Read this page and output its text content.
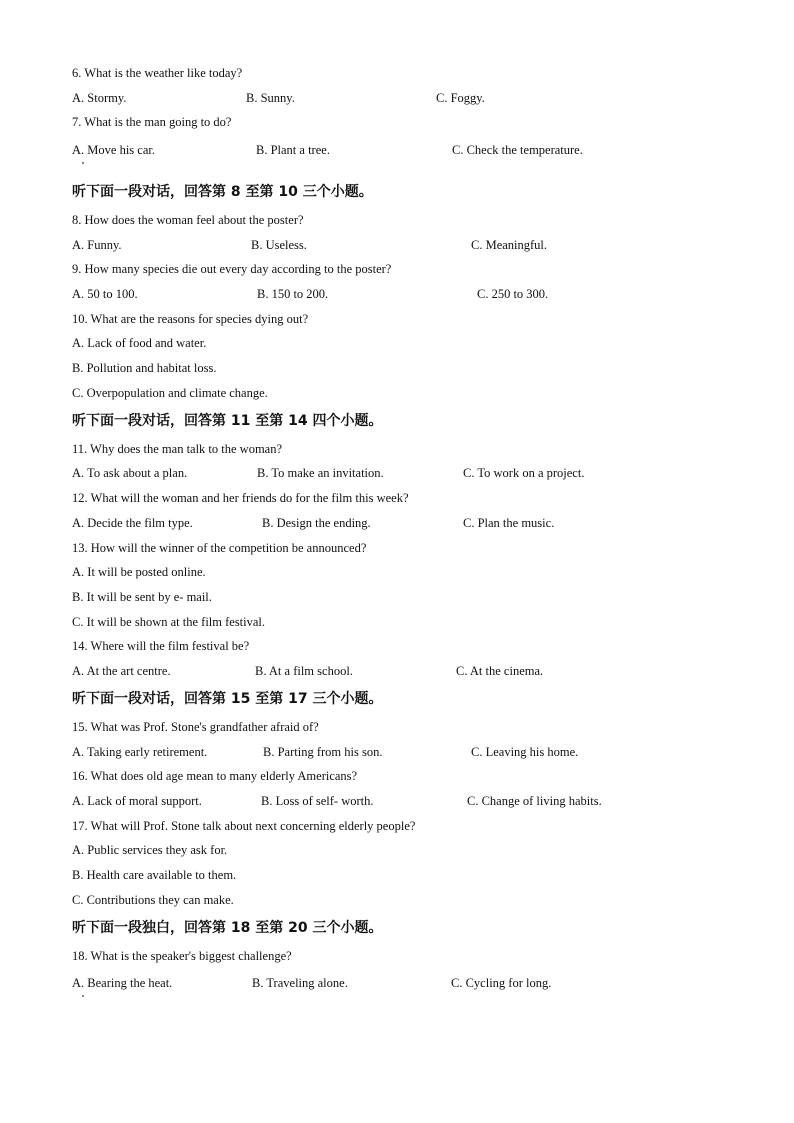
6. What is the weather like today?
A. Stormy.	B. Sunny.	C. Foggy.
7. What is the man going to do?
A. Move his car.	B. Plant a tree.	C. Check the temperature.
听下面一段对话，回答第 8 至第 10 三个小题。
8. How does the woman feel about the poster?
A. Funny.	B. Useless.	C. Meaningful.
9. How many species die out every day according to the poster?
A. 50 to 100.	B. 150 to 200.	C. 250 to 300.
10. What are the reasons for species dying out?
A. Lack of food and water.
B. Pollution and habitat loss.
C. Overpopulation and climate change.
听下面一段对话，回答第 11 至第 14 四个小题。
11. Why does the man talk to the woman?
A. To ask about a plan.	B. To make an invitation.	C. To work on a project.
12. What will the woman and her friends do for the film this week?
A. Decide the film type.	B. Design the ending.	C. Plan the music.
13. How will the winner of the competition be announced?
A. It will be posted online.
B. It will be sent by e- mail.
C. It will be shown at the film festival.
14. Where will the film festival be?
A. At the art centre.	B. At a film school.	C. At the cinema.
听下面一段对话，回答第 15 至第 17 三个小题。
15. What was Prof. Stone's grandfather afraid of?
A. Taking early retirement.	B. Parting from his son.	C. Leaving his home.
16. What does old age mean to many elderly Americans?
A. Lack of moral support.	B. Loss of self- worth.	C. Change of living habits.
17. What will Prof. Stone talk about next concerning elderly people?
A. Public services they ask for.
B. Health care available to them.
C. Contributions they can make.
听下面一段独白，回答第 18 至第 20 三个小题。
18. What is the speaker's biggest challenge?
A. Bearing the heat.	B. Traveling alone.	C. Cycling for long.
